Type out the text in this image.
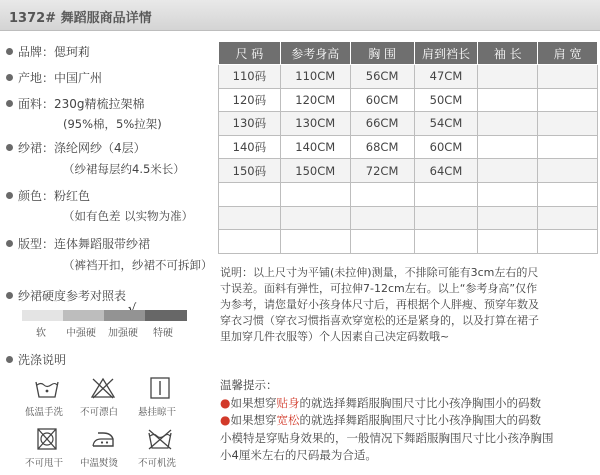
1372# 舞蹈服商品详情
品牌：偲珂莉
产地：中国广州
面料：230g精梳拉架棉
(95%棉，5%拉架)
纱裙：涤纶网纱（4层）
（纱裙每层约4.5米长）
颜色：粉红色
（如有色差 以实物为准）
版型：连体舞蹈服带纱裙
（裤裆开扣，纱裙不可拆卸）
纱裙硬度参考对照表
软 中强硬 加强硬 特硬
洗涤说明
低温手洗 不可漂白 悬挂晾干
不可甩干 中温熨烫 不可机洗
尺 码	参考身高	胸 围	肩到裆长	袖 长	肩 宽
110码	110CM	56CM	47CM		
120码	120CM	60CM	50CM		
130码	130CM	66CM	54CM		
140码	140CM	68CM	60CM		
150码	150CM	72CM	64CM		

说明：以上尺寸为平铺(未拉伸)测量，不排除可能有3cm左右的尺

寸误差。面料有弹性，可拉伸7-12cm左右。以上“参考身高”仅作

为参考，请您量好小孩身体尺寸后，再根据个人胖瘦、预穿年数及

穿衣习惯（穿衣习惯指喜欢穿宽松的还是紧身的，以及打算在裙子

里加穿几件衣服等）个人因素自己决定码数哦~

温馨提示：
●如果想穿贴身的就选择舞蹈服胸围尺寸比小孩净胸围小的码数
●如果想穿宽松的就选择舞蹈服胸围尺寸比小孩净胸围大的码数
小模特是穿贴身效果的，一般情况下舞蹈服胸围尺寸比小孩净胸围
小4厘米左右的尺码最为合适。
